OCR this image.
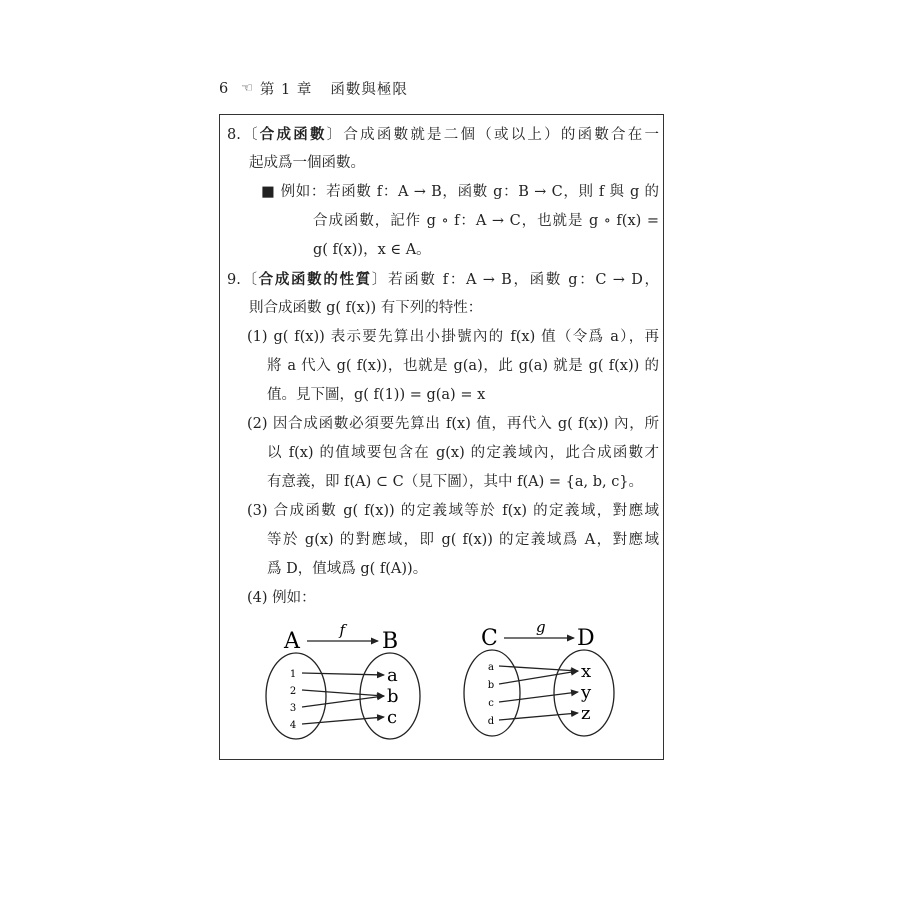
6 ☜ 第 1 章 函數與極限
8.〔合成函數〕合成函數就是二個（或以上）的函數合在一
起成爲一個函數。
■ 例如：若函數 f：A → B，函數 g：B → C，則 f 與 g 的
合成函數，記作 g ∘ f：A → C，也就是 g ∘ f(x) =
g( f(x))，x ∈ A。
9.〔合成函數的性質〕若函數 f：A → B，函數 g：C → D，
則合成函數 g( f(x)) 有下列的特性：
(1) g( f(x)) 表示要先算出小掛號內的 f(x) 值（令爲 a），再
將 a 代入 g( f(x))，也就是 g(a)，此 g(a) 就是 g( f(x)) 的
值。見下圖，g( f(1)) = g(a) = x
(2) 因合成函數必須要先算出 f(x) 值，再代入 g( f(x)) 內，所
以 f(x) 的值域要包含在 g(x) 的定義域內，此合成函數才
有意義，即 f(A) ⊂ C（見下圖），其中 f(A) = {a, b, c}。
(3) 合成函數 g( f(x)) 的定義域等於 f(x) 的定義域，對應域
等於 g(x) 的對應域，即 g( f(x)) 的定義域爲 A，對應域
爲 D，值域爲 g( f(A))。
(4) 例如：
A	B
f
1
2
3
4
a
b
c
C	D
g
a
b
c
d
x
y
z
